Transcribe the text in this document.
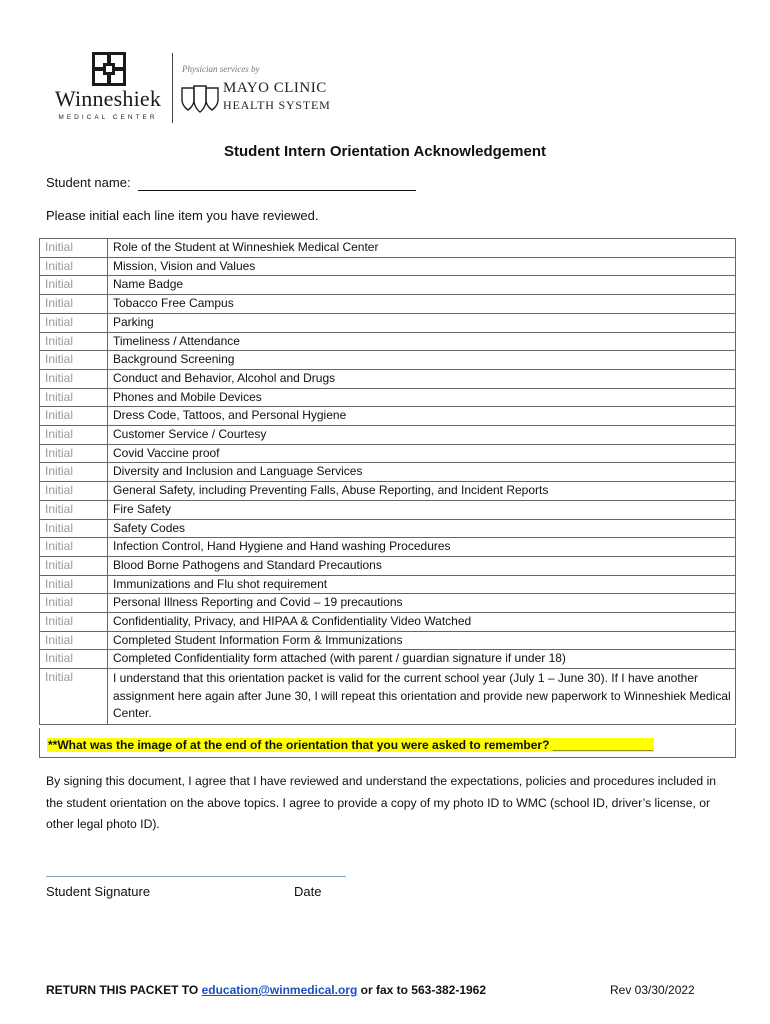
Winneshiek
MEDICAL CENTER
Physician services by
MAYO CLINIC
HEALTH SYSTEM
Student Intern Orientation Acknowledgement
Student name:
Please initial each line item you have reviewed.
Initial	Role of the Student at Winneshiek Medical Center
Initial	Mission, Vision and Values
Initial	Name Badge
Initial	Tobacco Free Campus
Initial	Parking
Initial	Timeliness / Attendance
Initial	Background Screening
Initial	Conduct and Behavior, Alcohol and Drugs
Initial	Phones and Mobile Devices
Initial	Dress Code, Tattoos, and Personal Hygiene
Initial	Customer Service / Courtesy
Initial	Covid Vaccine proof
Initial	Diversity and Inclusion and Language Services
Initial	General Safety, including Preventing Falls, Abuse Reporting, and Incident Reports
Initial	Fire Safety
Initial	Safety Codes
Initial	Infection Control, Hand Hygiene and Hand washing Procedures
Initial	Blood Borne Pathogens and Standard Precautions
Initial	Immunizations and Flu shot requirement
Initial	Personal Illness Reporting and Covid – 19 precautions
Initial	Confidentiality, Privacy, and HIPAA & Confidentiality Video Watched
Initial	Completed Student Information Form & Immunizations
Initial	Completed Confidentiality form attached (with parent / guardian signature if under 18)
Initial	I understand that this orientation packet is valid for the current school year (July 1 – June 30). If I have another assignment here again after June 30, I will repeat this orientation and provide new paperwork to Winneshiek Medical Center.
**What was the image of at the end of the orientation that you were asked to remember? _______________
By signing this document, I agree that I have reviewed and understand the expectations, policies and procedures included in the student orientation on the above topics. I agree to provide a copy of my photo ID to WMC (school ID, driver’s license, or other legal photo ID).
Student Signature	Date
RETURN THIS PACKET TO education@winmedical.org or fax to 563-382-1962	Rev 03/30/2022
